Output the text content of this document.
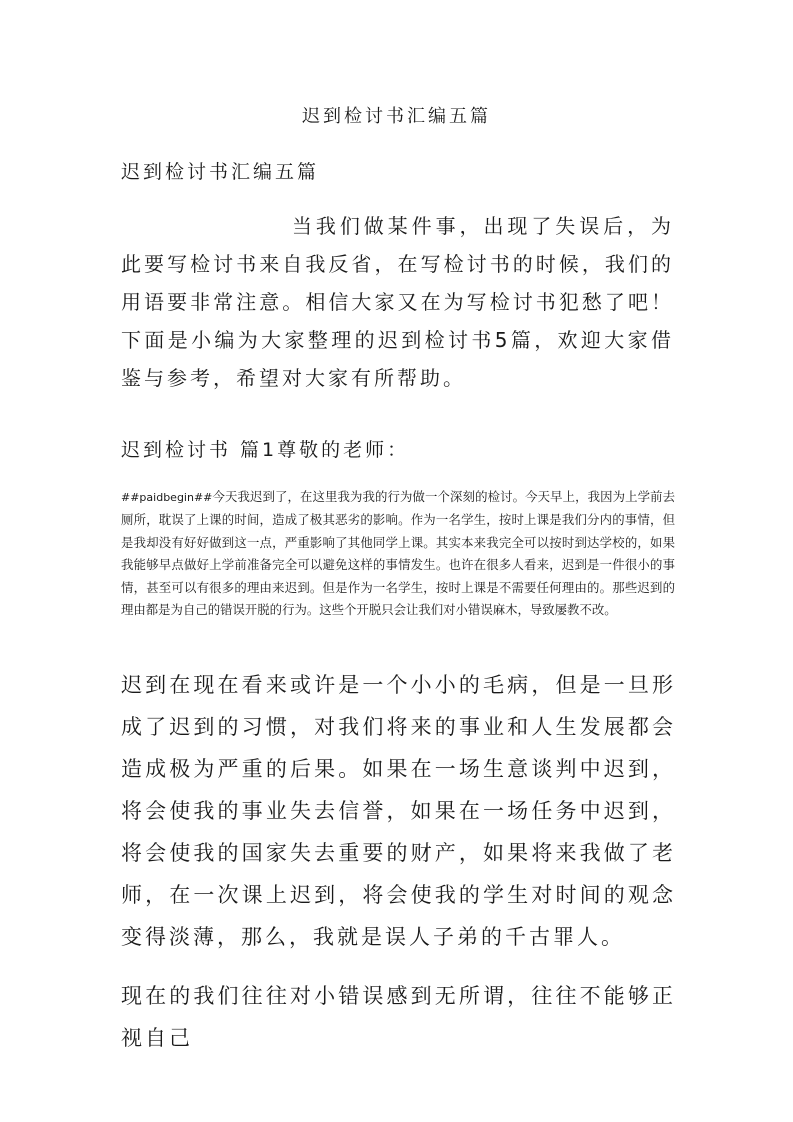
迟到检讨书汇编五篇
迟到检讨书汇编五篇

当我们做某件事，出现了失误后，为此要写检讨书来自我反省，在写检讨书的时候，我们的用语要非常注意。相信大家又在为写检讨书犯愁了吧！下面是小编为大家整理的迟到检讨书5篇，欢迎大家借鉴与参考，希望对大家有所帮助。

迟到检讨书 篇1尊敬的老师：

##paidbegin##今天我迟到了，在这里我为我的行为做一个深刻的检讨。今天早上，我因为上学前去厕所，耽误了上课的时间，造成了极其恶劣的影响。作为一名学生，按时上课是我们分内的事情，但是我却没有好好做到这一点，严重影响了其他同学上课。其实本来我完全可以按时到达学校的，如果我能够早点做好上学前准备完全可以避免这样的事情发生。也许在很多人看来，迟到是一件很小的事情，甚至可以有很多的理由来迟到。但是作为一名学生，按时上课是不需要任何理由的。那些迟到的理由都是为自己的错误开脱的行为。这些个开脱只会让我们对小错误麻木，导致屡教不改。

迟到在现在看来或许是一个小小的毛病，但是一旦形成了迟到的习惯，对我们将来的事业和人生发展都会造成极为严重的后果。如果在一场生意谈判中迟到，将会使我的事业失去信誉，如果在一场任务中迟到，将会使我的国家失去重要的财产，如果将来我做了老师，在一次课上迟到，将会使我的学生对时间的观念变得淡薄，那么，我就是误人子弟的千古罪人。

现在的我们往往对小错误感到无所谓，往往不能够正视自己
